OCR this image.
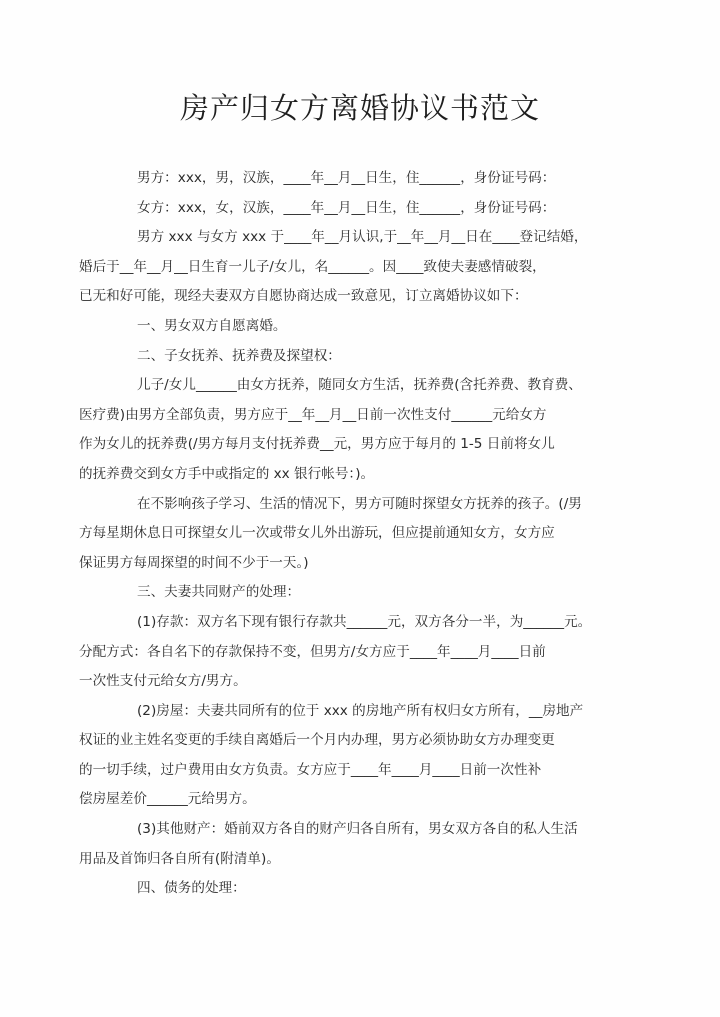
房产归女方离婚协议书范文

男方：xxx，男，汉族，____年__月__日生，住______，身份证号码：

女方：xxx，女，汉族，____年__月__日生，住______，身份证号码：

男方 xxx 与女方 xxx 于____年__月认识,于__年__月__日在____登记结婚，
婚后于__年__月__日生育一儿子/女儿，名______。因____致使夫妻感情破裂，
已无和好可能，现经夫妻双方自愿协商达成一致意见，订立离婚协议如下：

一、男女双方自愿离婚。

二、子女抚养、抚养费及探望权：

儿子/女儿______由女方抚养，随同女方生活，抚养费(含托养费、教育费、
医疗费)由男方全部负责，男方应于__年__月__日前一次性支付______元给女方
作为女儿的抚养费(/男方每月支付抚养费__元，男方应于每月的 1-5 日前将女儿
的抚养费交到女方手中或指定的 xx 银行帐号：)。

在不影响孩子学习、生活的情况下，男方可随时探望女方抚养的孩子。(/男
方每星期休息日可探望女儿一次或带女儿外出游玩，但应提前通知女方，女方应
保证男方每周探望的时间不少于一天。)

三、夫妻共同财产的处理：

(1)存款：双方名下现有银行存款共______元，双方各分一半，为______元。
分配方式：各自名下的存款保持不变，但男方/女方应于____年____月____日前
一次性支付元给女方/男方。

(2)房屋：夫妻共同所有的位于 xxx 的房地产所有权归女方所有，__房地产
权证的业主姓名变更的手续自离婚后一个月内办理，男方必须协助女方办理变更
的一切手续，过户费用由女方负责。女方应于____年____月____日前一次性补
偿房屋差价______元给男方。

(3)其他财产：婚前双方各自的财产归各自所有，男女双方各自的私人生活
用品及首饰归各自所有(附清单)。

四、债务的处理：
